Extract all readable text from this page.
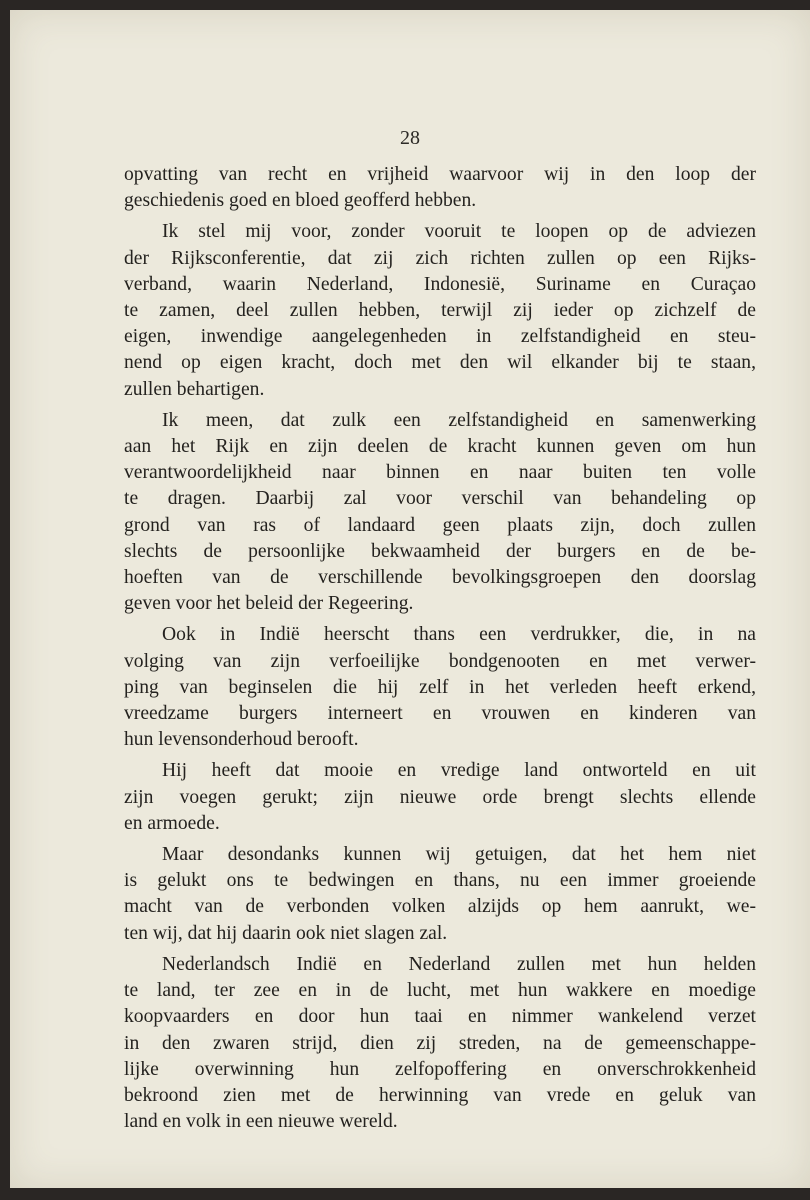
28

opvatting van recht en vrijheid waarvoor wij in den loop der
geschiedenis goed en bloed geofferd hebben.

Ik stel mij voor, zonder vooruit te loopen op de adviezen
der Rijksconferentie, dat zij zich richten zullen op een Rijks-
verband, waarin Nederland, Indonesië, Suriname en Curaçao
te zamen, deel zullen hebben, terwijl zij ieder op zichzelf de
eigen, inwendige aangelegenheden in zelfstandigheid en steu-
nend op eigen kracht, doch met den wil elkander bij te staan,
zullen behartigen.

Ik meen, dat zulk een zelfstandigheid en samenwerking
aan het Rijk en zijn deelen de kracht kunnen geven om hun
verantwoordelijkheid naar binnen en naar buiten ten volle
te dragen. Daarbij zal voor verschil van behandeling op
grond van ras of landaard geen plaats zijn, doch zullen
slechts de persoonlijke bekwaamheid der burgers en de be-
hoeften van de verschillende bevolkingsgroepen den doorslag
geven voor het beleid der Regeering.

Ook in Indië heerscht thans een verdrukker, die, in na
volging van zijn verfoeilijke bondgenooten en met verwer-
ping van beginselen die hij zelf in het verleden heeft erkend,
vreedzame burgers interneert en vrouwen en kinderen van
hun levensonderhoud berooft.

Hij heeft dat mooie en vredige land ontworteld en uit
zijn voegen gerukt; zijn nieuwe orde brengt slechts ellende
en armoede.

Maar desondanks kunnen wij getuigen, dat het hem niet
is gelukt ons te bedwingen en thans, nu een immer groeiende
macht van de verbonden volken alzijds op hem aanrukt, we-
ten wij, dat hij daarin ook niet slagen zal.

Nederlandsch Indië en Nederland zullen met hun helden
te land, ter zee en in de lucht, met hun wakkere en moedige
koopvaarders en door hun taai en nimmer wankelend verzet
in den zwaren strijd, dien zij streden, na de gemeenschappe-
lijke overwinning hun zelfopoffering en onverschrokkenheid
bekroond zien met de herwinning van vrede en geluk van
land en volk in een nieuwe wereld.
